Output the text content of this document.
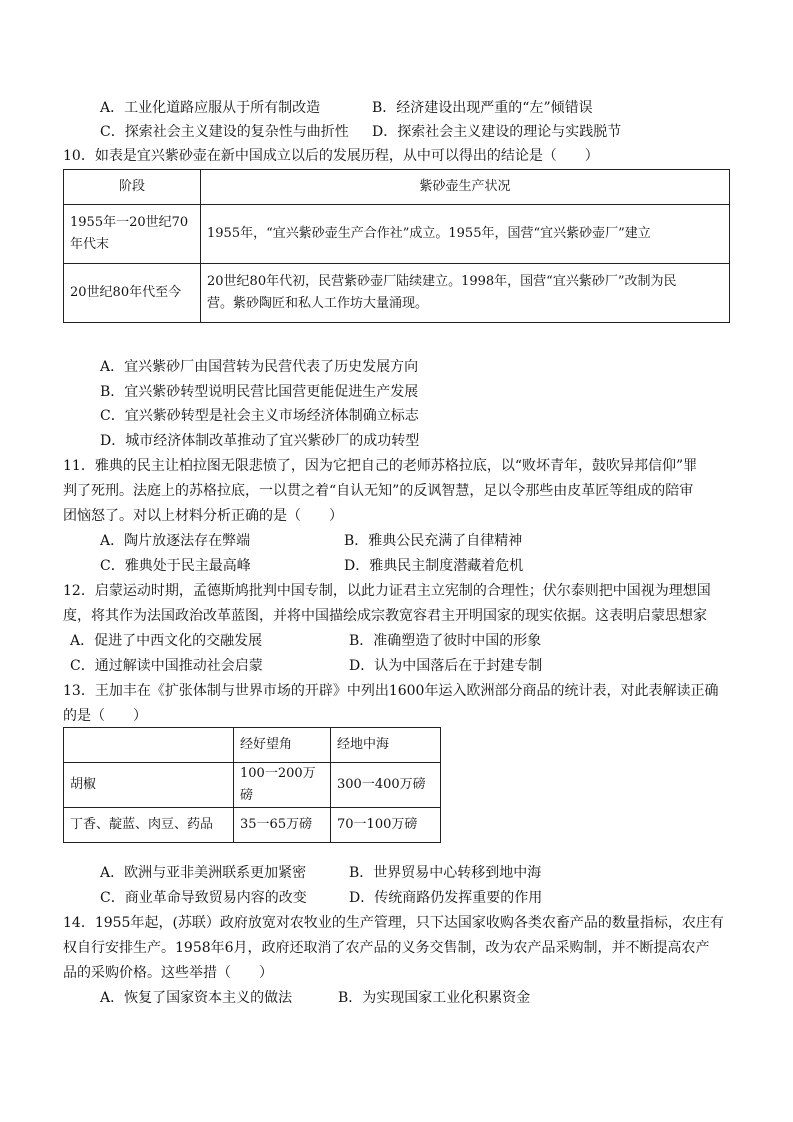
A．工业化道路应服从于所有制改造	B．经济建设出现严重的“左”倾错误
C．探索社会主义建设的复杂性与曲折性 D．探索社会主义建设的理论与实践脱节
10．如表是宜兴紫砂壶在新中国成立以后的发展历程，从中可以得出的结论是（　　）
阶段	紫砂壶生产状况

1955年一20世纪70
年代末	1955年，“宜兴紫砂壶生产合作社”成立。1955年，国营“宜兴紫砂壶厂”建立

20世纪80年代至今	20世纪80年代初，民营紫砂壶厂陆续建立。1998年，国营“宜兴紫砂厂”改制为民
营。紫砂陶匠和私人工作坊大量涌现。
A．宜兴紫砂厂由国营转为民营代表了历史发展方向
B．宜兴紫砂转型说明民营比国营更能促进生产发展
C．宜兴紫砂转型是社会主义市场经济体制确立标志
D．城市经济体制改革推动了宜兴紫砂厂的成功转型
11．雅典的民主让柏拉图无限悲愤了，因为它把自己的老师苏格拉底，以“败坏青年，鼓吹异邦信仰”罪
判了死刑。法庭上的苏格拉底，一以贯之着“自认无知”的反讽智慧，足以令那些由皮革匠等组成的陪审
团恼怒了。对以上材料分析正确的是（　　）
A．陶片放逐法存在弊端	B．雅典公民充满了自律精神
C．雅典处于民主最高峰	D．雅典民主制度潜藏着危机
12．启蒙运动时期，孟德斯鸠批判中国专制，以此力证君主立宪制的合理性；伏尔泰则把中国视为理想国
度，将其作为法国政治改革蓝图，并将中国描绘成宗教宽容君主开明国家的现实依据。这表明启蒙思想家
A．促进了中西文化的交融发展	B．准确塑造了彼时中国的形象
C．通过解读中国推动社会启蒙	D．认为中国落后在于封建专制
13．王加丰在《扩张体制与世界市场的开辟》中列出1600年运入欧洲部分商品的统计表，对此表解读正确
的是（　　）
	经好望角	经地中海
胡椒	100一200万磅	300一400万磅
丁香、靛蓝、肉豆、药品	35一65万磅	70一100万磅
A．欧洲与亚非美洲联系更加紧密	B．世界贸易中心转移到地中海
C．商业革命导致贸易内容的改变	D．传统商路仍发挥重要的作用
14．1955年起，(苏联）政府放宽对农牧业的生产管理，只下达国家收购各类农畜产品的数量指标，农庄有
权自行安排生产。1958年6月，政府还取消了农产品的义务交售制，改为农产品采购制，并不断提高农产
品的采购价格。这些举措（　　）
A．恢复了国家资本主义的做法	B．为实现国家工业化积累资金
